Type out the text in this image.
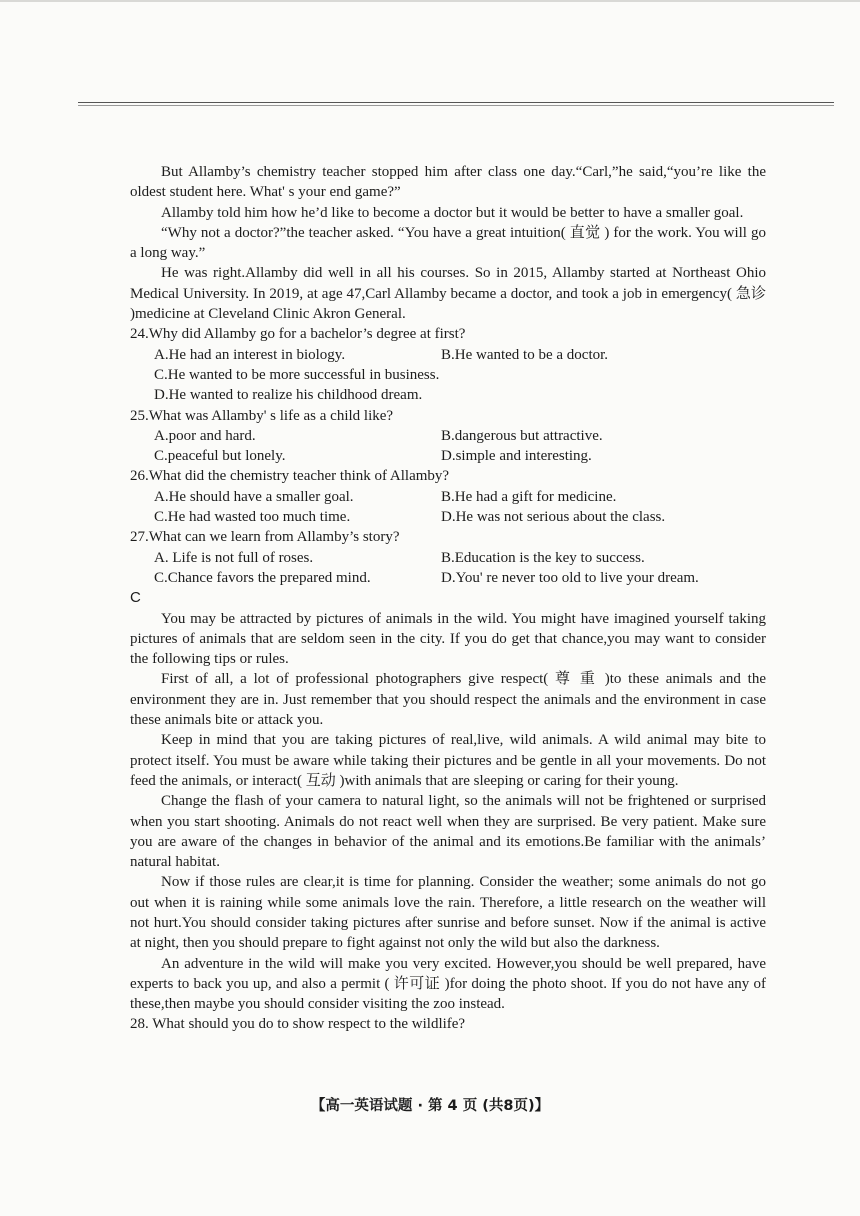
But Allamby’s chemistry teacher stopped him after class one day.“Carl,”he said,“you’re like the oldest student here. What' s your end game?”

Allamby told him how he’d like to become a doctor but it would be better to have a smaller goal.

“Why not a doctor?”the teacher asked. “You have a great intuition( 直觉 ) for the work. You will go a long way.”

He was right.Allamby did well in all his courses. So in 2015, Allamby started at Northeast Ohio Medical University. In 2019, at age 47,Carl Allamby became a doctor, and took a job in emergency( 急诊 )medicine at Cleveland Clinic Akron General.

24.Why did Allamby go for a bachelor’s degree at first?

A.He had an interest in biology.	B.He wanted to be a doctor.
C.He wanted to be more successful in business.
D.He wanted to realize his childhood dream.

25.What was Allamby' s life as a child like?

A.poor and hard.	B.dangerous but attractive.
C.peaceful but lonely.	D.simple and interesting.

26.What did the chemistry teacher think of Allamby?

A.He should have a smaller goal.	B.He had a gift for medicine.
C.He had wasted too much time.	D.He was not serious about the class.

27.What can we learn from Allamby’s story?

A. Life is not full of roses.	B.Education is the key to success.
C.Chance favors the prepared mind.	D.You' re never too old to live your dream.

C

You may be attracted by pictures of animals in the wild. You might have imagined yourself taking pictures of animals that are seldom seen in the city. If you do get that chance,you may want to consider the following tips or rules.

First of all, a lot of professional photographers give respect( 尊 重 )to these animals and the environment they are in. Just remember that you should respect the animals and the environment in case these animals bite or attack you.

Keep in mind that you are taking pictures of real,live, wild animals. A wild animal may bite to protect itself. You must be aware while taking their pictures and be gentle in all your movements. Do not feed the animals, or interact( 互动 )with animals that are sleeping or caring for their young.

Change the flash of your camera to natural light, so the animals will not be frightened or surprised when you start shooting. Animals do not react well when they are surprised. Be very patient. Make sure you are aware of the changes in behavior of the animal and its emotions.Be familiar with the animals’ natural habitat.

Now if those rules are clear,it is time for planning. Consider the weather; some animals do not go out when it is raining while some animals love the rain. Therefore, a little research on the weather will not hurt.You should consider taking pictures after sunrise and before sunset. Now if the animal is active at night, then you should prepare to fight against not only the wild but also the darkness.

An adventure in the wild will make you very excited. However,you should be well prepared, have experts to back you up, and also a permit ( 许可证 )for doing the photo shoot. If you do not have any of these,then maybe you should consider visiting the zoo instead.

28. What should you do to show respect to the wildlife?

【高一英语试题 · 第 4 页 (共8页)】
